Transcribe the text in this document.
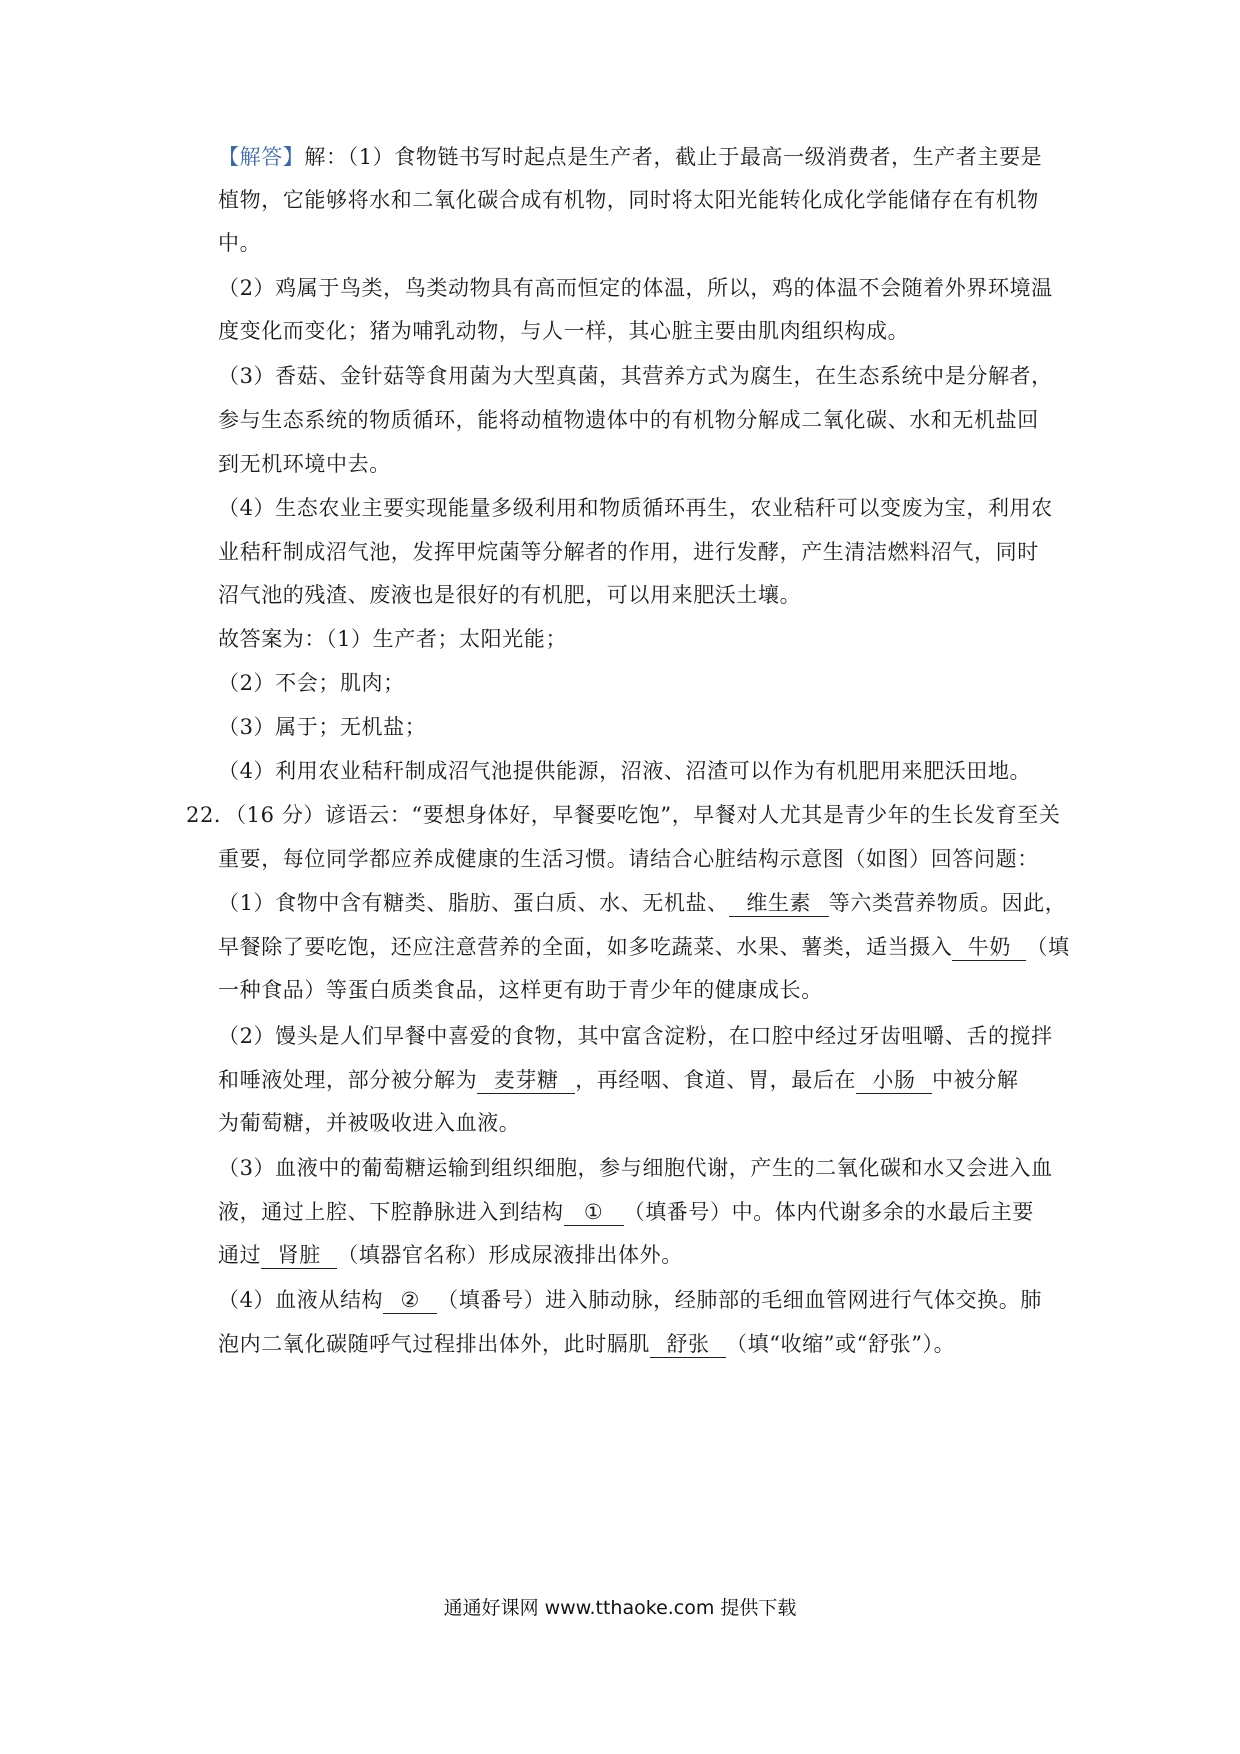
【解答】解：（1）食物链书写时起点是生产者，截止于最高一级消费者，生产者主要是
植物，它能够将水和二氧化碳合成有机物，同时将太阳光能转化成化学能储存在有机物
中。
（2）鸡属于鸟类，鸟类动物具有高而恒定的体温，所以，鸡的体温不会随着外界环境温
度变化而变化；猪为哺乳动物，与人一样，其心脏主要由肌肉组织构成。
（3）香菇、金针菇等食用菌为大型真菌，其营养方式为腐生，在生态系统中是分解者，
参与生态系统的物质循环，能将动植物遗体中的有机物分解成二氧化碳、水和无机盐回
到无机环境中去。
（4）生态农业主要实现能量多级利用和物质循环再生，农业秸秆可以变废为宝，利用农
业秸秆制成沼气池，发挥甲烷菌等分解者的作用，进行发酵，产生清洁燃料沼气，同时
沼气池的残渣、废液也是很好的有机肥，可以用来肥沃土壤。
故答案为：（1）生产者；太阳光能；
（2）不会；肌肉；
（3）属于；无机盐；
（4）利用农业秸秆制成沼气池提供能源，沼液、沼渣可以作为有机肥用来肥沃田地。
22．（16 分）谚语云：“要想身体好，早餐要吃饱”，早餐对人尤其是青少年的生长发育至关
重要，每位同学都应养成健康的生活习惯。请结合心脏结构示意图（如图）回答问题：
（1）食物中含有糖类、脂肪、蛋白质、水、无机盐、 维生素 等六类营养物质。因此，
早餐除了要吃饱，还应注意营养的全面，如多吃蔬菜、水果、薯类，适当摄入 牛奶 （填
一种食品）等蛋白质类食品，这样更有助于青少年的健康成长。
（2）馒头是人们早餐中喜爱的食物，其中富含淀粉，在口腔中经过牙齿咀嚼、舌的搅拌
和唾液处理，部分被分解为 麦芽糖 ，再经咽、食道、胃，最后在 小肠 中被分解
为葡萄糖，并被吸收进入血液。
（3）血液中的葡萄糖运输到组织细胞，参与细胞代谢，产生的二氧化碳和水又会进入血
液，通过上腔、下腔静脉进入到结构 ① （填番号）中。体内代谢多余的水最后主要
通过 肾脏 （填器官名称）形成尿液排出体外。
（4）血液从结构 ② （填番号）进入肺动脉，经肺部的毛细血管网进行气体交换。肺
泡内二氧化碳随呼气过程排出体外，此时膈肌 舒张 （填“收缩”或“舒张”）。
通通好课网 www.tthaoke.com 提供下载
